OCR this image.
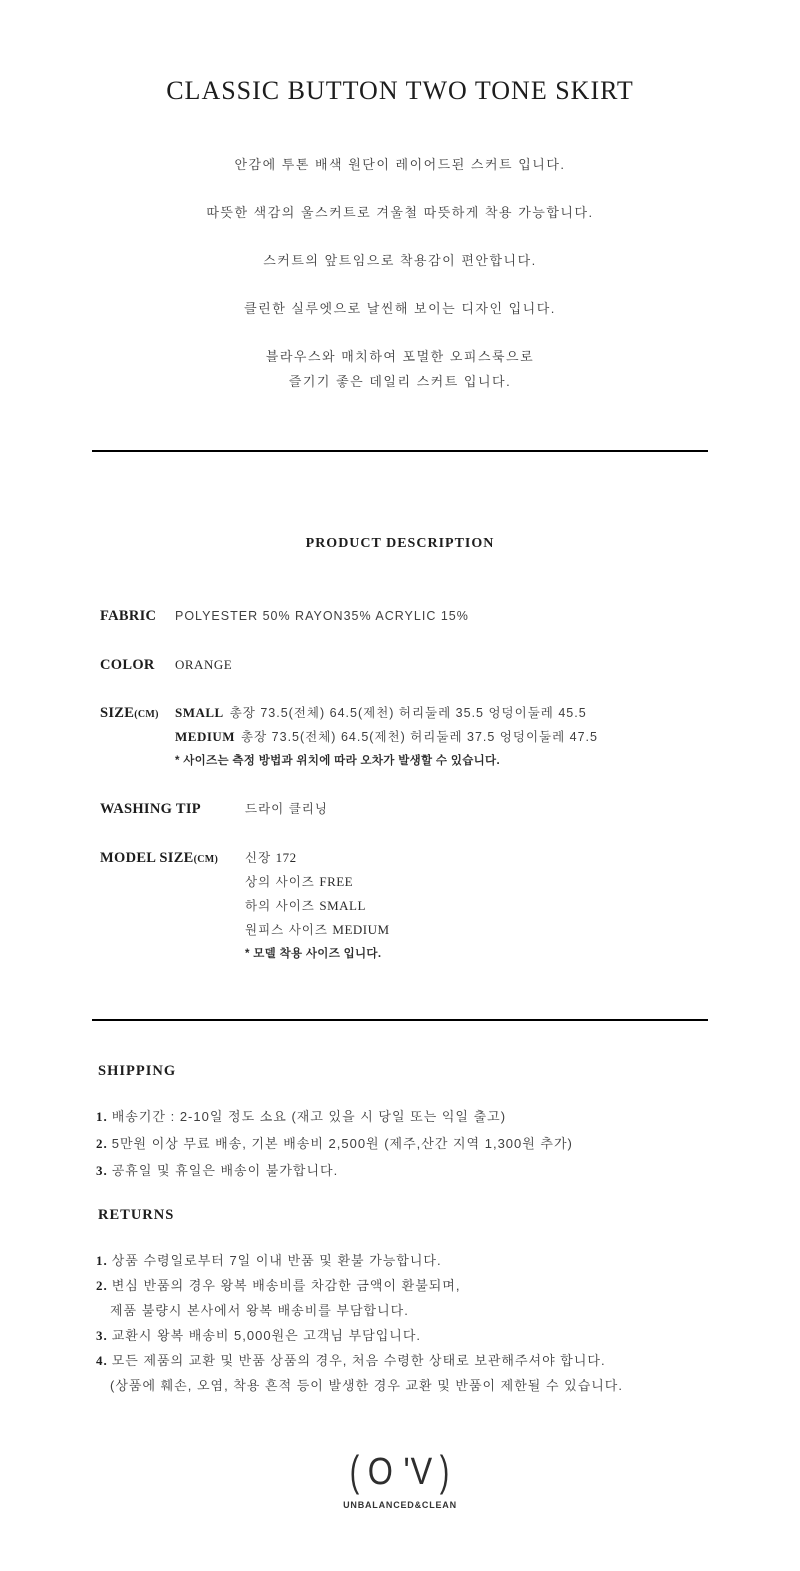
CLASSIC BUTTON TWO TONE SKIRT

안감에 투톤 배색 원단이 레이어드된 스커트 입니다.

따뜻한 색감의 울스커트로 겨울철 따뜻하게 착용 가능합니다.

스커트의 앞트임으로 착용감이 편안합니다.

클린한 실루엣으로 날씬해 보이는 디자인 입니다.

블라우스와 매치하여 포멀한 오피스룩으로

즐기기 좋은 데일리 스커트 입니다.

PRODUCT DESCRIPTION
FABRIC	POLYESTER 50% RAYON35% ACRYLIC 15%
COLOR	ORANGE
SIZE(CM)	SMALL 총장 73.5(전체) 64.5(제천) 허리둘레 35.5 엉덩이둘레 45.5
MEDIUM 총장 73.5(전체) 64.5(제천) 허리둘레 37.5 엉덩이둘레 47.5
* 사이즈는 측정 방법과 위치에 따라 오차가 발생할 수 있습니다.
WASHING TIP	드라이 클리닝
MODEL SIZE(CM)	신장 172
상의 사이즈 FREE
하의 사이즈 SMALL
원피스 사이즈 MEDIUM
* 모델 착용 사이즈 입니다.
SHIPPING
1. 배송기간 : 2-10일 정도 소요 (재고 있을 시 당일 또는 익일 출고)
2. 5만원 이상 무료 배송, 기본 배송비 2,500원 (제주,산간 지역 1,300원 추가)
3. 공휴일 및 휴일은 배송이 불가합니다.
RETURNS
1. 상품 수령일로부터 7일 이내 반품 및 환불 가능합니다.
2. 변심 반품의 경우 왕복 배송비를 차감한 금액이 환불되며,
제품 불량시 본사에서 왕복 배송비를 부담합니다.
3. 교환시 왕복 배송비 5,000원은 고객님 부담입니다.
4. 모든 제품의 교환 및 반품 상품의 경우, 처음 수령한 상태로 보관해주셔야 합니다.
(상품에 훼손, 오염, 착용 흔적 등이 발생한 경우 교환 및 반품이 제한될 수 있습니다.
( O 'V )
UNBALANCED&CLEAN
